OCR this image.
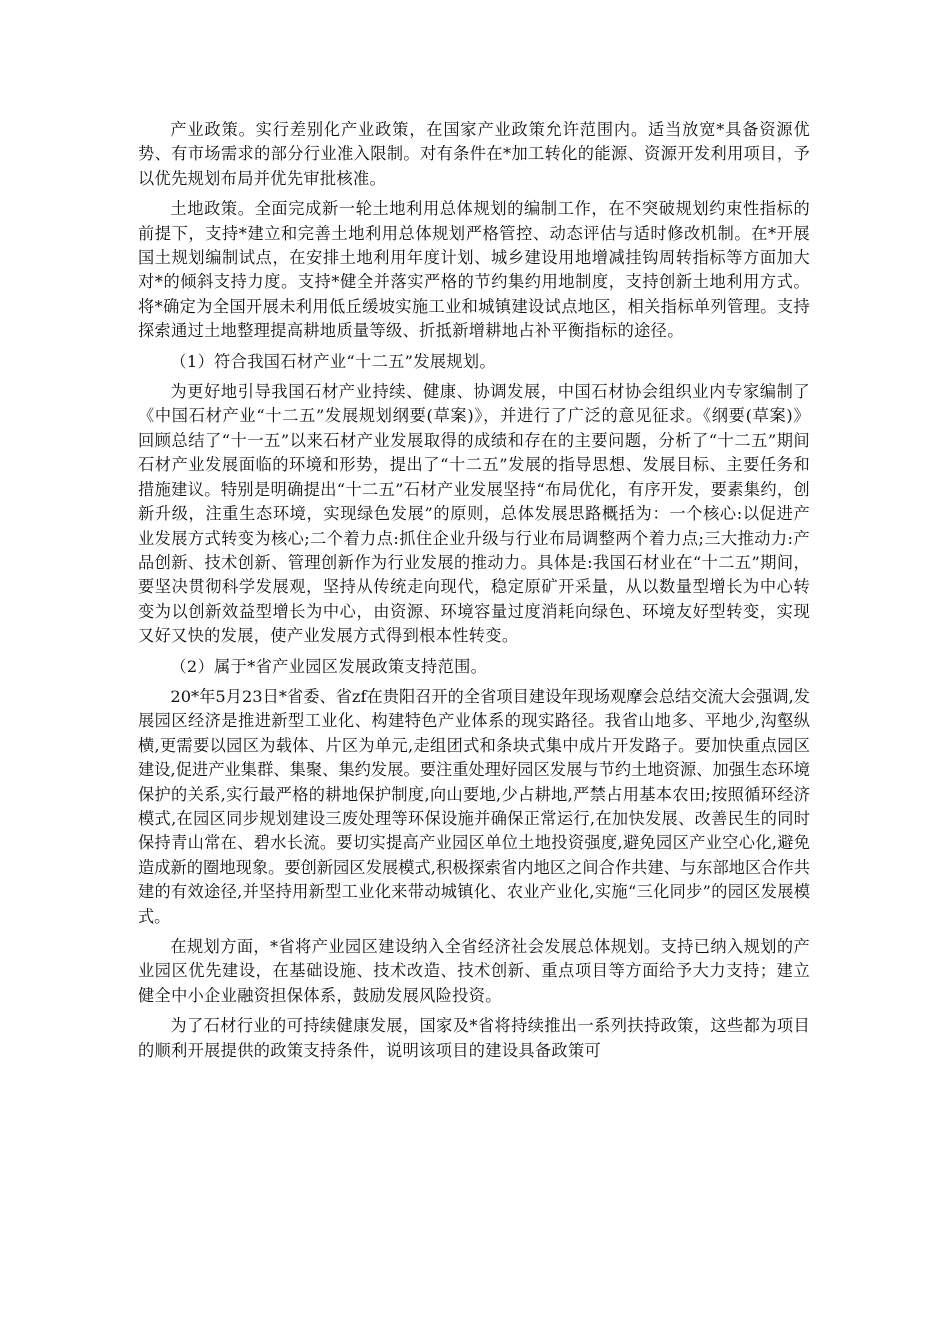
产业政策。实行差别化产业政策，在国家产业政策允许范围内。适当放宽*具备资源优势、有市场需求的部分行业准入限制。对有条件在*加工转化的能源、资源开发利用项目，予以优先规划布局并优先审批核准。

土地政策。全面完成新一轮土地利用总体规划的编制工作，在不突破规划约束性指标的前提下，支持*建立和完善土地利用总体规划严格管控、动态评估与适时修改机制。在*开展国土规划编制试点，在安排土地利用年度计划、城乡建设用地增减挂钩周转指标等方面加大对*的倾斜支持力度。支持*健全并落实严格的节约集约用地制度，支持创新土地利用方式。将*确定为全国开展未利用低丘缓坡实施工业和城镇建设试点地区，相关指标单列管理。支持探索通过土地整理提高耕地质量等级、折抵新增耕地占补平衡指标的途径。

（1）符合我国石材产业“十二五”发展规划。

为更好地引导我国石材产业持续、健康、协调发展，中国石材协会组织业内专家编制了《中国石材产业“十二五”发展规划纲要(草案)》，并进行了广泛的意见征求。《纲要(草案)》回顾总结了“十一五”以来石材产业发展取得的成绩和存在的主要问题，分析了“十二五”期间石材产业发展面临的环境和形势，提出了“十二五”发展的指导思想、发展目标、主要任务和措施建议。特别是明确提出“十二五”石材产业发展坚持“布局优化，有序开发，要素集约，创新升级，注重生态环境，实现绿色发展”的原则，总体发展思路概括为：一个核心:以促进产业发展方式转变为核心;二个着力点:抓住企业升级与行业布局调整两个着力点;三大推动力:产品创新、技术创新、管理创新作为行业发展的推动力。具体是:我国石材业在“十二五”期间，要坚决贯彻科学发展观，坚持从传统走向现代，稳定原矿开采量，从以数量型增长为中心转变为以创新效益型增长为中心，由资源、环境容量过度消耗向绿色、环境友好型转变，实现又好又快的发展，使产业发展方式得到根本性转变。

（2）属于*省产业园区发展政策支持范围。

20*年5月23日*省委、省zf在贵阳召开的全省项目建设年现场观摩会总结交流大会强调,发展园区经济是推进新型工业化、构建特色产业体系的现实路径。我省山地多、平地少,沟壑纵横,更需要以园区为载体、片区为单元,走组团式和条块式集中成片开发路子。要加快重点园区建设,促进产业集群、集聚、集约发展。要注重处理好园区发展与节约土地资源、加强生态环境保护的关系,实行最严格的耕地保护制度,向山要地,少占耕地,严禁占用基本农田;按照循环经济模式,在园区同步规划建设三废处理等环保设施并确保正常运行,在加快发展、改善民生的同时保持青山常在、碧水长流。要切实提高产业园区单位土地投资强度,避免园区产业空心化,避免造成新的圈地现象。要创新园区发展模式,积极探索省内地区之间合作共建、与东部地区合作共建的有效途径,并坚持用新型工业化来带动城镇化、农业产业化,实施“三化同步”的园区发展模式。

在规划方面，*省将产业园区建设纳入全省经济社会发展总体规划。支持已纳入规划的产业园区优先建设，在基础设施、技术改造、技术创新、重点项目等方面给予大力支持；建立健全中小企业融资担保体系，鼓励发展风险投资。

为了石材行业的可持续健康发展，国家及*省将持续推出一系列扶持政策，这些都为项目的顺利开展提供的政策支持条件，说明该项目的建设具备政策可
